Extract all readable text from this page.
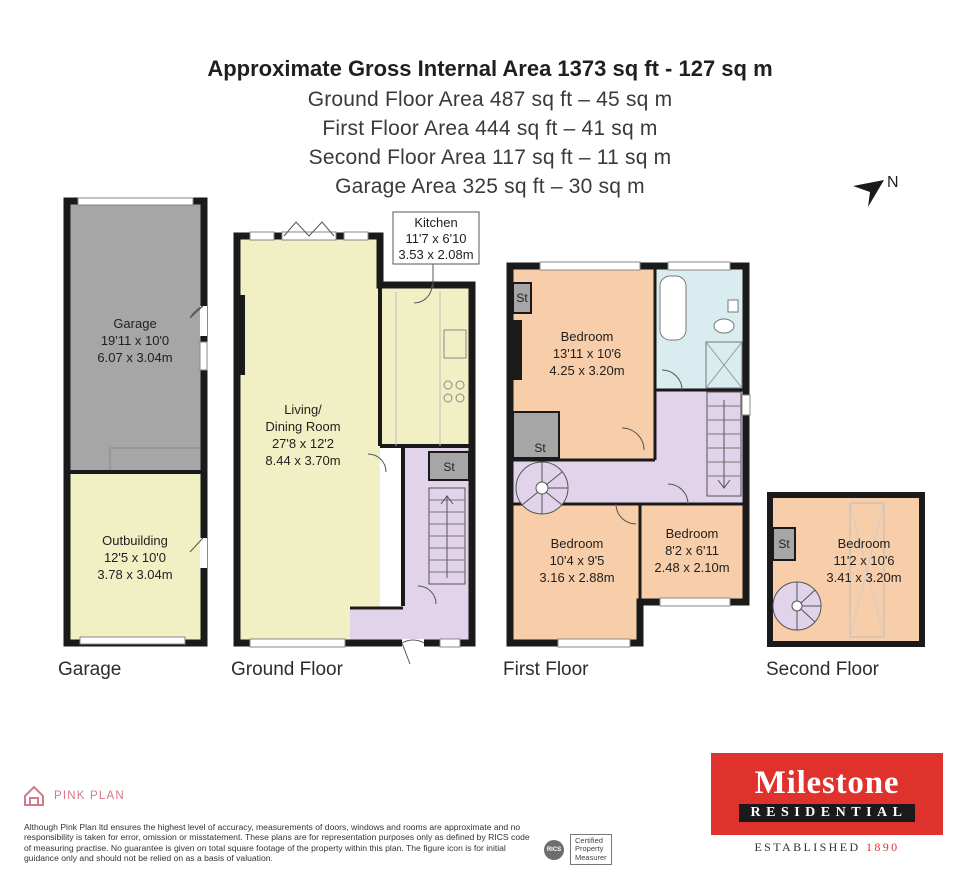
Approximate Gross Internal Area 1373 sq ft - 127 sq m
Ground Floor Area 487 sq ft – 45 sq m
First Floor Area 444 sq ft – 41 sq m
Second Floor Area 117 sq ft – 11 sq m
Garage Area 325 sq ft – 30 sq m	N
Garage
19'11 x 10'0
6.07 x 3.04m
Outbuilding
12'5 x 10'0
3.78 x 3.04m
Garage
St
Kitchen
11'7 x 6'10
3.53 x 2.08m
Living/
Dining Room
27'8 x 12'2
8.44 x 3.70m
Ground Floor
St
St
Bedroom
13'11 x 10'6
4.25 x 3.20m
Bedroom
10'4 x 9'5
3.16 x 2.88m
Bedroom
8'2 x 6'11
2.48 x 2.10m
First Floor
St	Bedroom
11'2 x 10'6
3.41 x 3.20m
Second Floor
PINK PLAN
Although Pink Plan ltd ensures the highest level of accuracy, measurements of doors, windows and rooms are approximate and no responsibility is taken for error, omission or misstatement. These plans are for representation purposes only as defined by RICS code of measuring practise. No guarantee is given on total square footage of the property within this plan. The figure icon is for initial guidance only and should not be relied on as a basis of valuation.
RICS
Certified
Property
Measurer
Milestone
RESIDENTIAL
ESTABLISHED 1890
